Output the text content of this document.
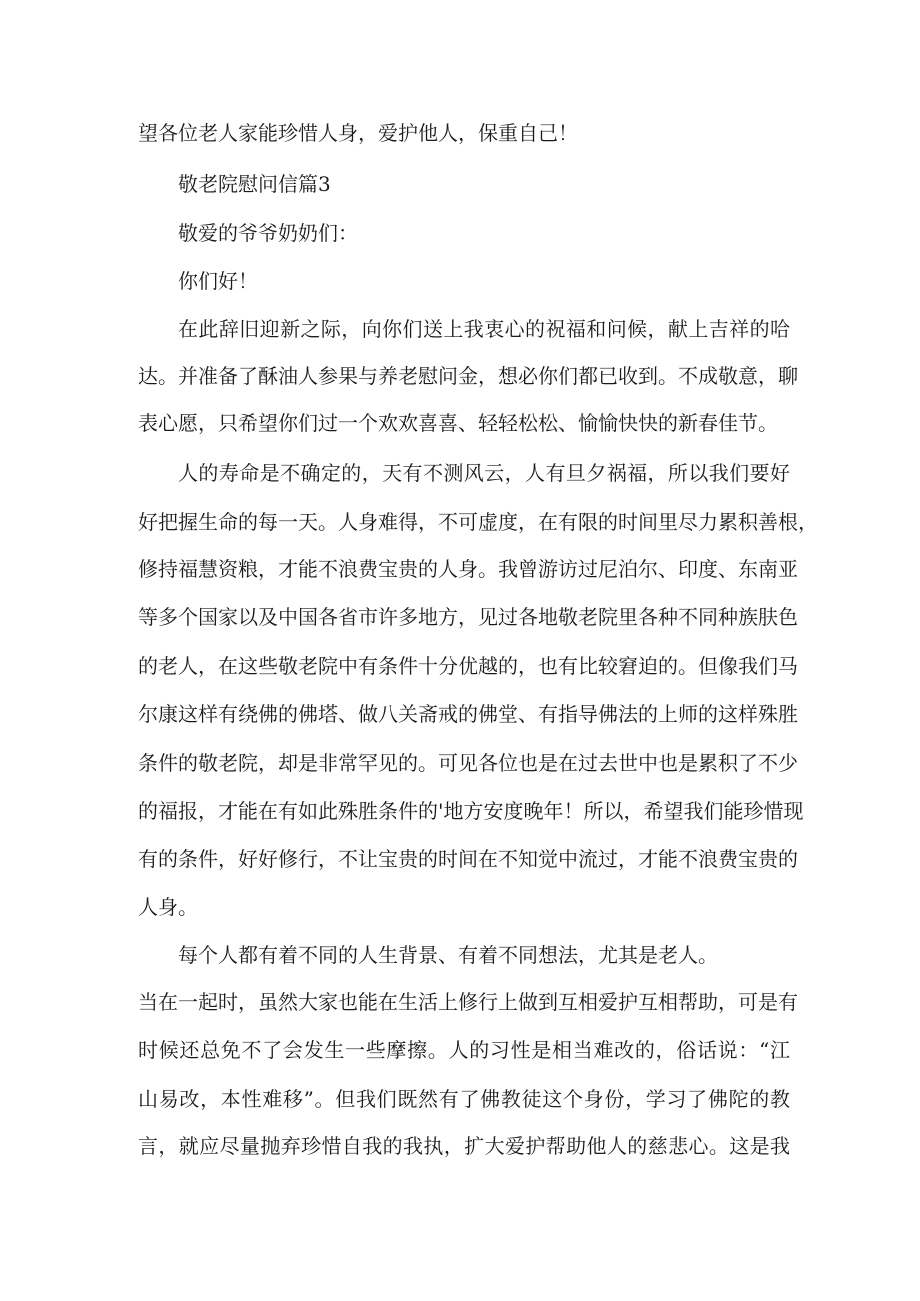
望各位老人家能珍惜人身，爱护他人，保重自己！

敬老院慰问信篇3

敬爱的爷爷奶奶们：

你们好！

在此辞旧迎新之际，向你们送上我衷心的祝福和问候，献上吉祥的哈

达。并准备了酥油人参果与养老慰问金，想必你们都已收到。不成敬意，聊

表心愿，只希望你们过一个欢欢喜喜、轻轻松松、愉愉快快的新春佳节。

人的寿命是不确定的，天有不测风云，人有旦夕祸福，所以我们要好

好把握生命的每一天。人身难得，不可虚度，在有限的时间里尽力累积善根，

修持福慧资粮，才能不浪费宝贵的人身。我曾游访过尼泊尔、印度、东南亚

等多个国家以及中国各省市许多地方，见过各地敬老院里各种不同种族肤色

的老人，在这些敬老院中有条件十分优越的，也有比较窘迫的。但像我们马

尔康这样有绕佛的佛塔、做八关斋戒的佛堂、有指导佛法的上师的这样殊胜

条件的敬老院，却是非常罕见的。可见各位也是在过去世中也是累积了不少

的福报，才能在有如此殊胜条件的'地方安度晚年！所以，希望我们能珍惜现

有的条件，好好修行，不让宝贵的时间在不知觉中流过，才能不浪费宝贵的

人身。

每个人都有着不同的人生背景、有着不同想法，尤其是老人。

当在一起时，虽然大家也能在生活上修行上做到互相爱护互相帮助，可是有

时候还总免不了会发生一些摩擦。人的习性是相当难改的，俗话说：“江

山易改，本性难移”。但我们既然有了佛教徒这个身份，学习了佛陀的教

言，就应尽量抛弃珍惜自我的我执，扩大爱护帮助他人的慈悲心。这是我
